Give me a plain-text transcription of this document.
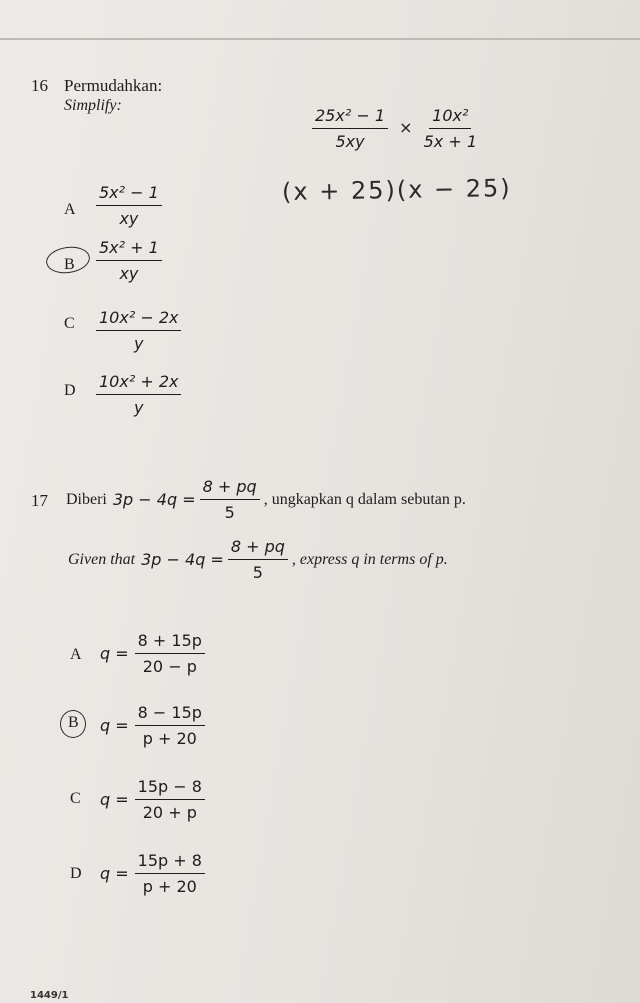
16 Permudahkan:
Simplify:
$\frac{\text{25x² − 1}}{5xy} \times \frac{\text{10x²}}{5x + 1}$
(x + 25)(x − 25)
A $\frac{\text{5x² − 1}}{xy}$
B $\frac{\text{5x² + 1}}{xy}$
C $\frac{\text{10x² − 2x}}{y}$
D $\frac{\text{10x² + 2x}}{y}$
17 Diberi $3p - 4q = \frac{8 + pq}{5}$ , ungkapkan q dalam sebutan p.
Given that $3p - 4q = \frac{8 + pq}{5}$ , express q in terms of p.
A $q = \frac{8 + 15p}{20 - p}$
B $q = \frac{8 - 15p}{p + 20}$
C $q = \frac{15p - 8}{20 + p}$
D $q = \frac{15p + 8}{p + 20}$
1449/1
